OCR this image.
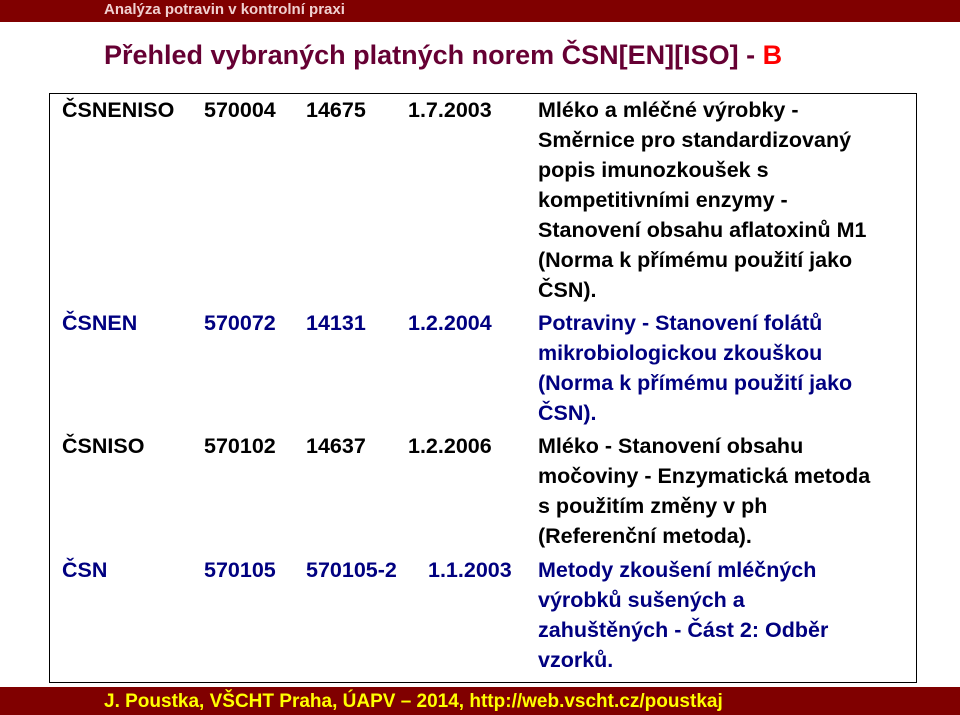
Analýza potravin v kontrolní praxi
Přehled vybraných platných norem ČSN[EN][ISO] - B
ČSNENISO 570004 14675 1.7.2003 Mléko a mléčné výrobky -
Směrnice pro standardizovaný
popis imunozkoušek s
kompetitivními enzymy -
Stanovení obsahu aflatoxinů M1
(Norma k přímému použití jako
ČSN).
ČSNEN	570072 14131 1.2.2004 Potraviny - Stanovení folátů
mikrobiologickou zkouškou
(Norma k přímému použití jako
ČSN).
ČSNISO	570102 14637 1.2.2006 Mléko - Stanovení obsahu
močoviny - Enzymatická metoda
s použitím změny v ph
(Referenční metoda).
ČSN	570105 570105-2 1.1.2003 Metody zkoušení mléčných
výrobků sušených a
zahuštěných - Část 2: Odběr
vzorků.
J. Poustka, VŠCHT Praha, ÚAPV – 2014, http://web.vscht.cz/poustkaj
